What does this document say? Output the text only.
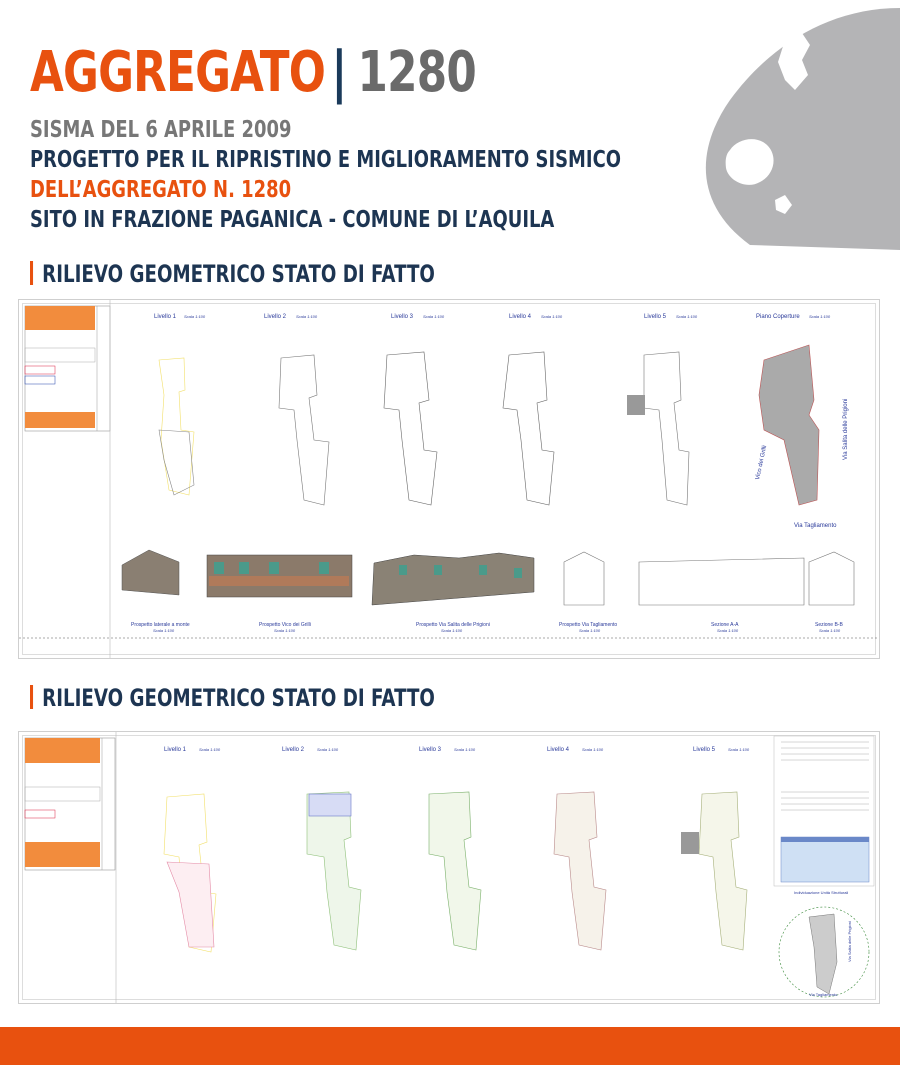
AGGREGATO | 1280
SISMA DEL 6 APRILE 2009
PROGETTO PER IL RIPRISTINO E MIGLIORAMENTO SISMICO
DELL’AGGREGATO N. 1280
SITO IN FRAZIONE PAGANICA - COMUNE DI L’AQUILA
RILIEVO GEOMETRICO STATO DI FATTO
Livello 1	Livello 2	Livello 3	Livello 4	Livello 5	Piano Coperture
Scala 1:100	Scala 1:100	Scala 1:100	Scala 1:100	Scala 1:100	Scala 1:100
Vico dei Grilli
Via Salita delle Prigioni
Via Tagliamento
Prospetto laterale a monte	Prospetto Vico dei Grilli	Prospetto Via Salita delle Prigioni	Prospetto Via Tagliamento	Sezione A-A	Sezione B-B
Scala 1:100	Scala 1:100	Scala 1:100	Scala 1:100	Scala 1:100	Scala 1:100
RILIEVO GEOMETRICO STATO DI FATTO
Livello 1	Livello 2	Livello 3	Livello 4	Livello 5
Scala 1:100	Scala 1:100	Scala 1:100	Scala 1:100	Scala 1:100
Individuazione Unità Strutturali
Via Salita delle Prigioni
Via Tagliamento
